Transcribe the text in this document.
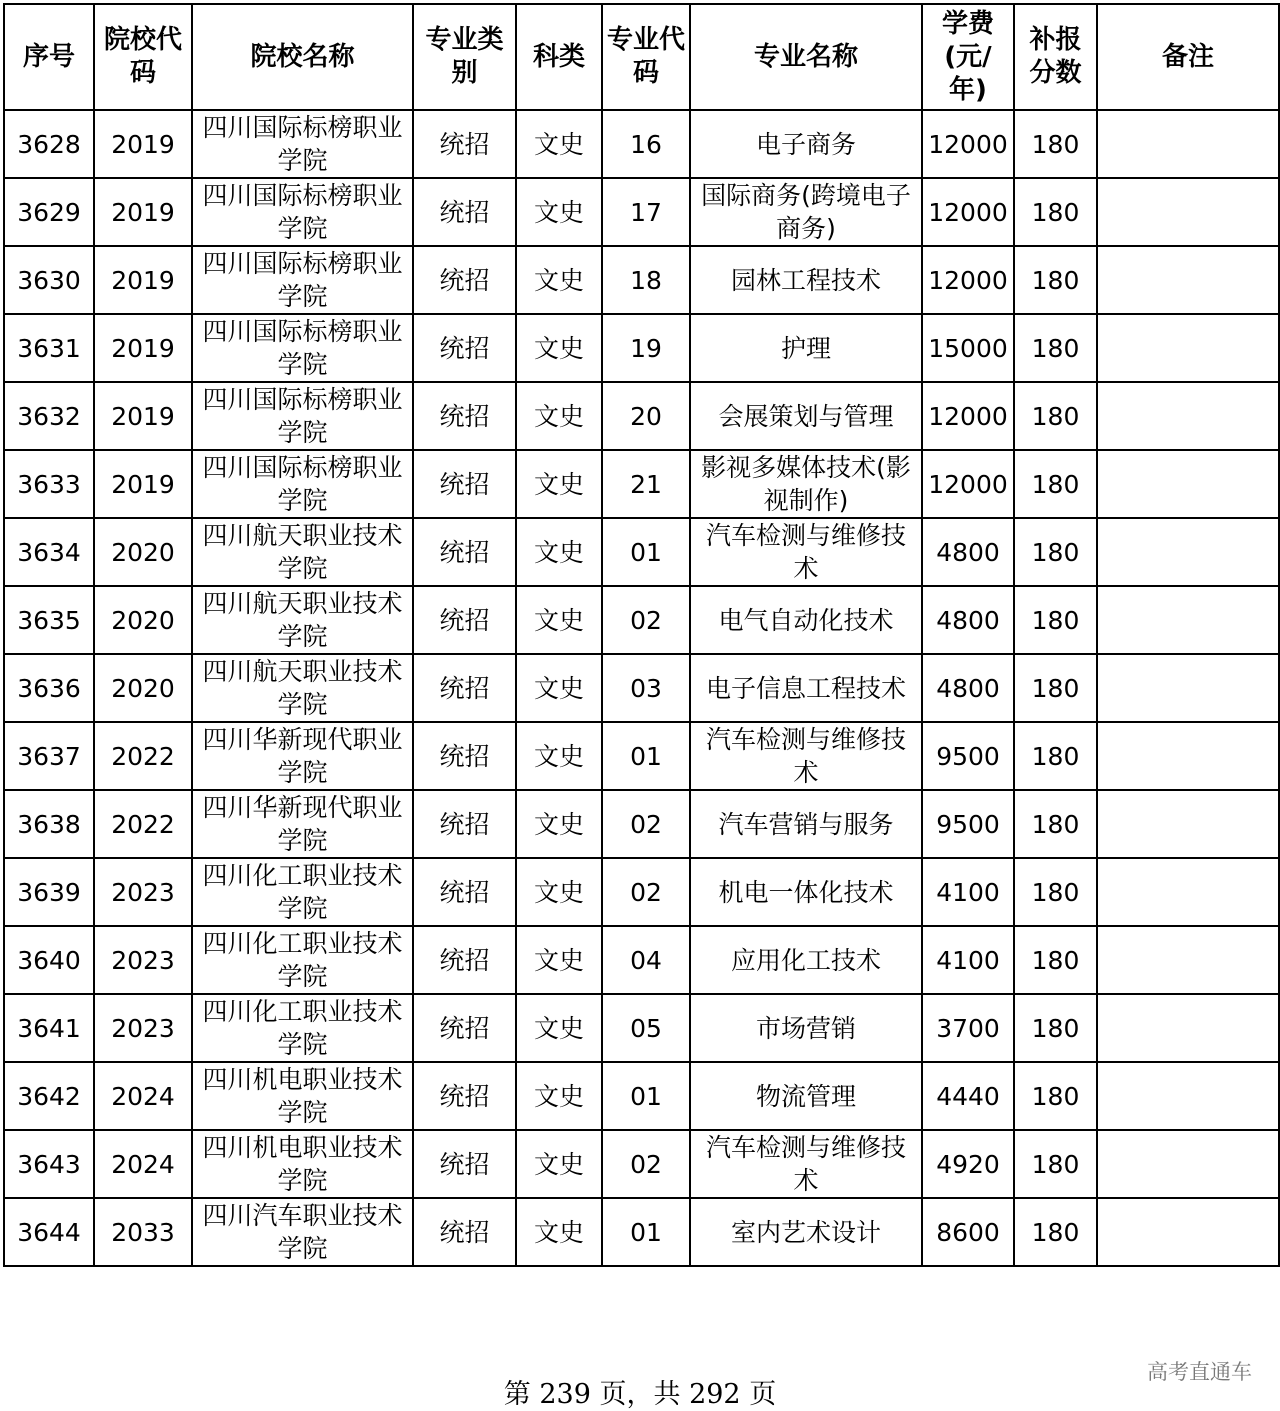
序号	院校代码	院校名称	专业类别	科类	专业代码	专业名称	学费(元/年)	补报分数	备注
3628	2019	四川国际标榜职业学院	统招	文史	16	电子商务	12000	180	
3629	2019	四川国际标榜职业学院	统招	文史	17	国际商务(跨境电子商务)	12000	180	
3630	2019	四川国际标榜职业学院	统招	文史	18	园林工程技术	12000	180	
3631	2019	四川国际标榜职业学院	统招	文史	19	护理	15000	180	
3632	2019	四川国际标榜职业学院	统招	文史	20	会展策划与管理	12000	180	
3633	2019	四川国际标榜职业学院	统招	文史	21	影视多媒体技术(影视制作)	12000	180	
3634	2020	四川航天职业技术学院	统招	文史	01	汽车检测与维修技术	4800	180	
3635	2020	四川航天职业技术学院	统招	文史	02	电气自动化技术	4800	180	
3636	2020	四川航天职业技术学院	统招	文史	03	电子信息工程技术	4800	180	
3637	2022	四川华新现代职业学院	统招	文史	01	汽车检测与维修技术	9500	180	
3638	2022	四川华新现代职业学院	统招	文史	02	汽车营销与服务	9500	180	
3639	2023	四川化工职业技术学院	统招	文史	02	机电一体化技术	4100	180	
3640	2023	四川化工职业技术学院	统招	文史	04	应用化工技术	4100	180	
3641	2023	四川化工职业技术学院	统招	文史	05	市场营销	3700	180	
3642	2024	四川机电职业技术学院	统招	文史	01	物流管理	4440	180	
3643	2024	四川机电职业技术学院	统招	文史	02	汽车检测与维修技术	4920	180	
3644	2033	四川汽车职业技术学院	统招	文史	01	室内艺术设计	8600	180	
第 239 页，共 292 页
高考直通车
